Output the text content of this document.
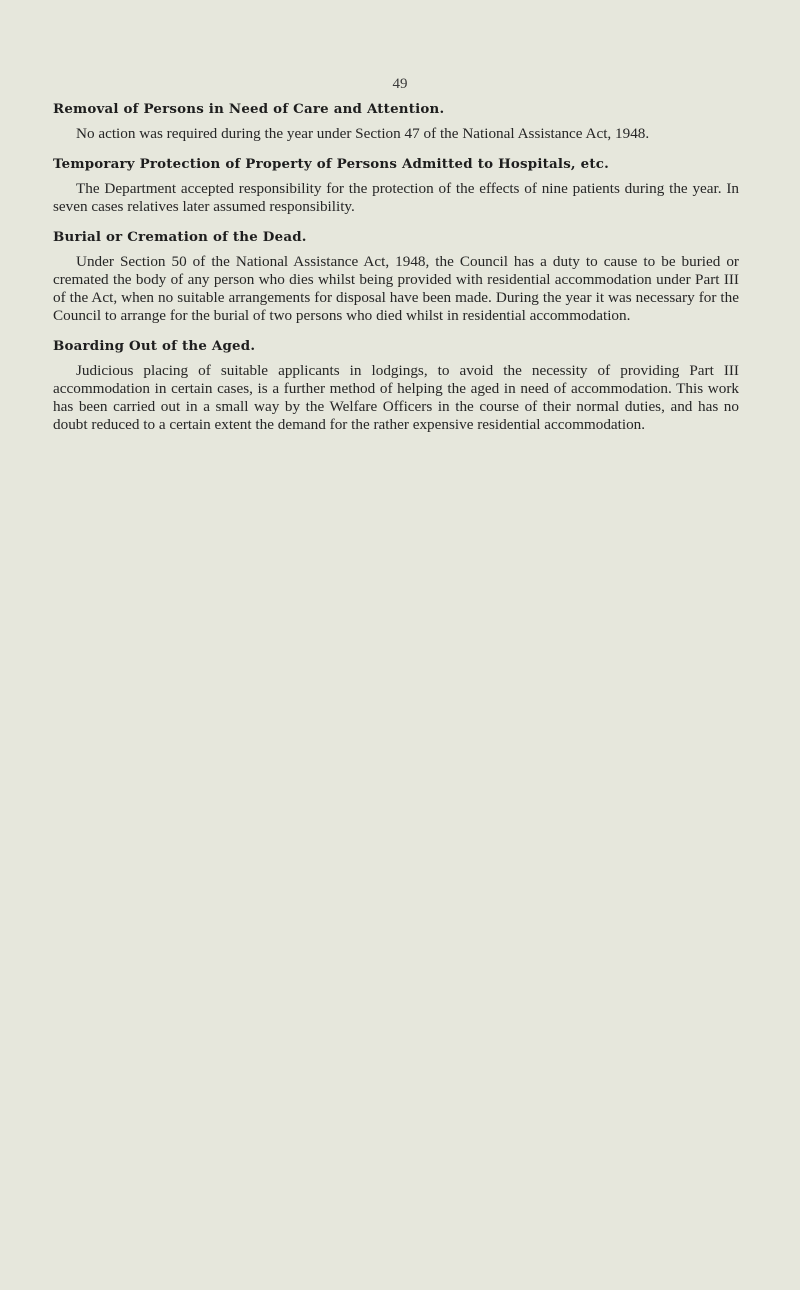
49
Removal of Persons in Need of Care and Attention.

No action was required during the year under Section 47 of the National Assistance Act, 1948.

Temporary Protection of Property of Persons Admitted to Hospitals, etc.

The Department accepted responsibility for the protection of the effects of nine patients during the year. In seven cases relatives later assumed responsibility.

Burial or Cremation of the Dead.

Under Section 50 of the National Assistance Act, 1948, the Council has a duty to cause to be buried or cremated the body of any person who dies whilst being provided with residential accommodation under Part III of the Act, when no suitable arrangements for disposal have been made. During the year it was necessary for the Council to arrange for the burial of two persons who died whilst in residential accommodation.

Boarding Out of the Aged.

Judicious placing of suitable applicants in lodgings, to avoid the necessity of providing Part III accommodation in certain cases, is a further method of helping the aged in need of accommodation. This work has been carried out in a small way by the Welfare Officers in the course of their normal duties, and has no doubt reduced to a certain extent the demand for the rather expensive residential accommodation.
